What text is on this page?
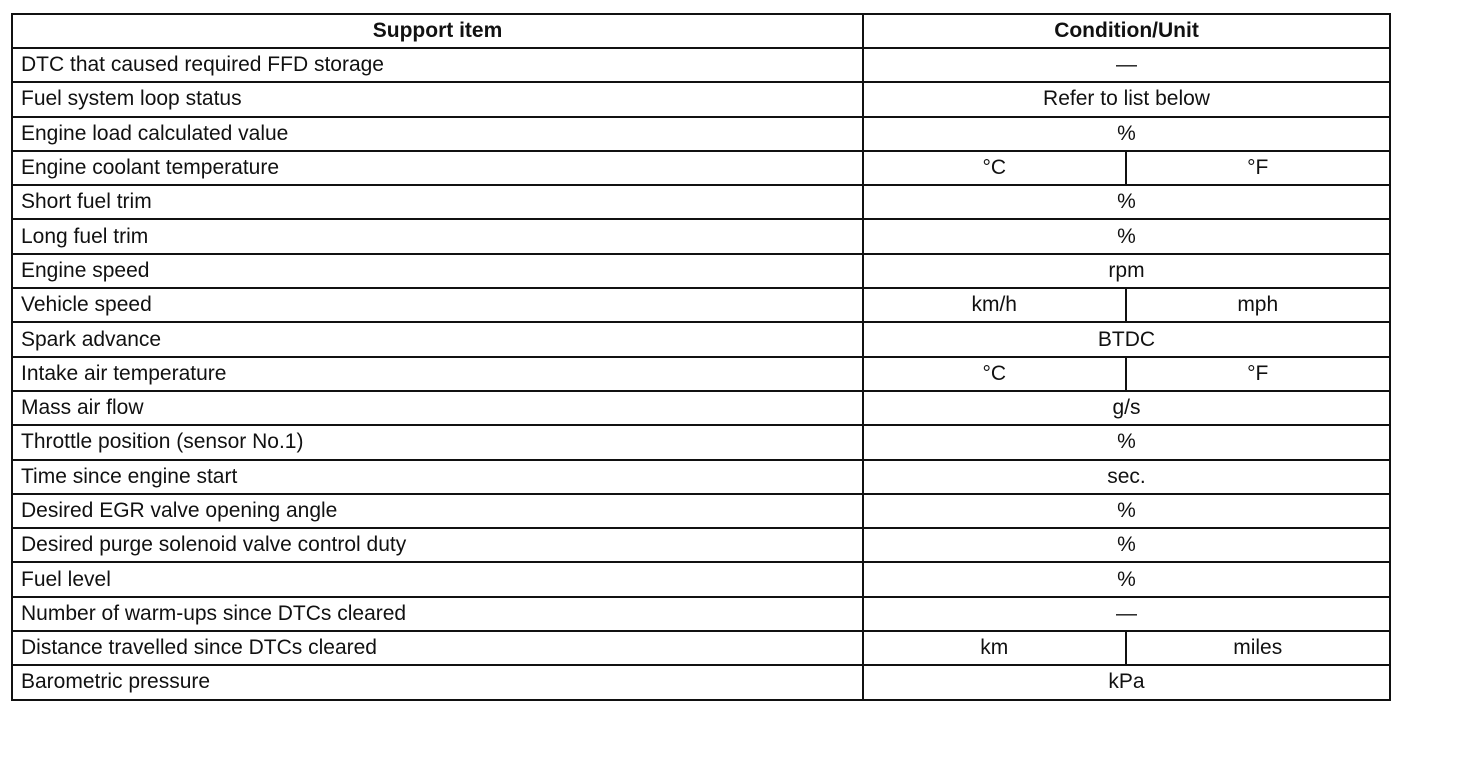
Support item	Condition/Unit
DTC that caused required FFD storage	—
Fuel system loop status	Refer to list below
Engine load calculated value	%
Engine coolant temperature	°C °F

Short fuel trim	%
Long fuel trim	%
Engine speed	rpm
Vehicle speed	km/h mph

Spark advance	BTDC
Intake air temperature	°C °F

Mass air flow	g/s
Throttle position (sensor No.1)	%
Time since engine start	sec.
Desired EGR valve opening angle	%
Desired purge solenoid valve control duty	%
Fuel level	%
Number of warm-ups since DTCs cleared	—
Distance travelled since DTCs cleared	km miles

Barometric pressure	kPa
